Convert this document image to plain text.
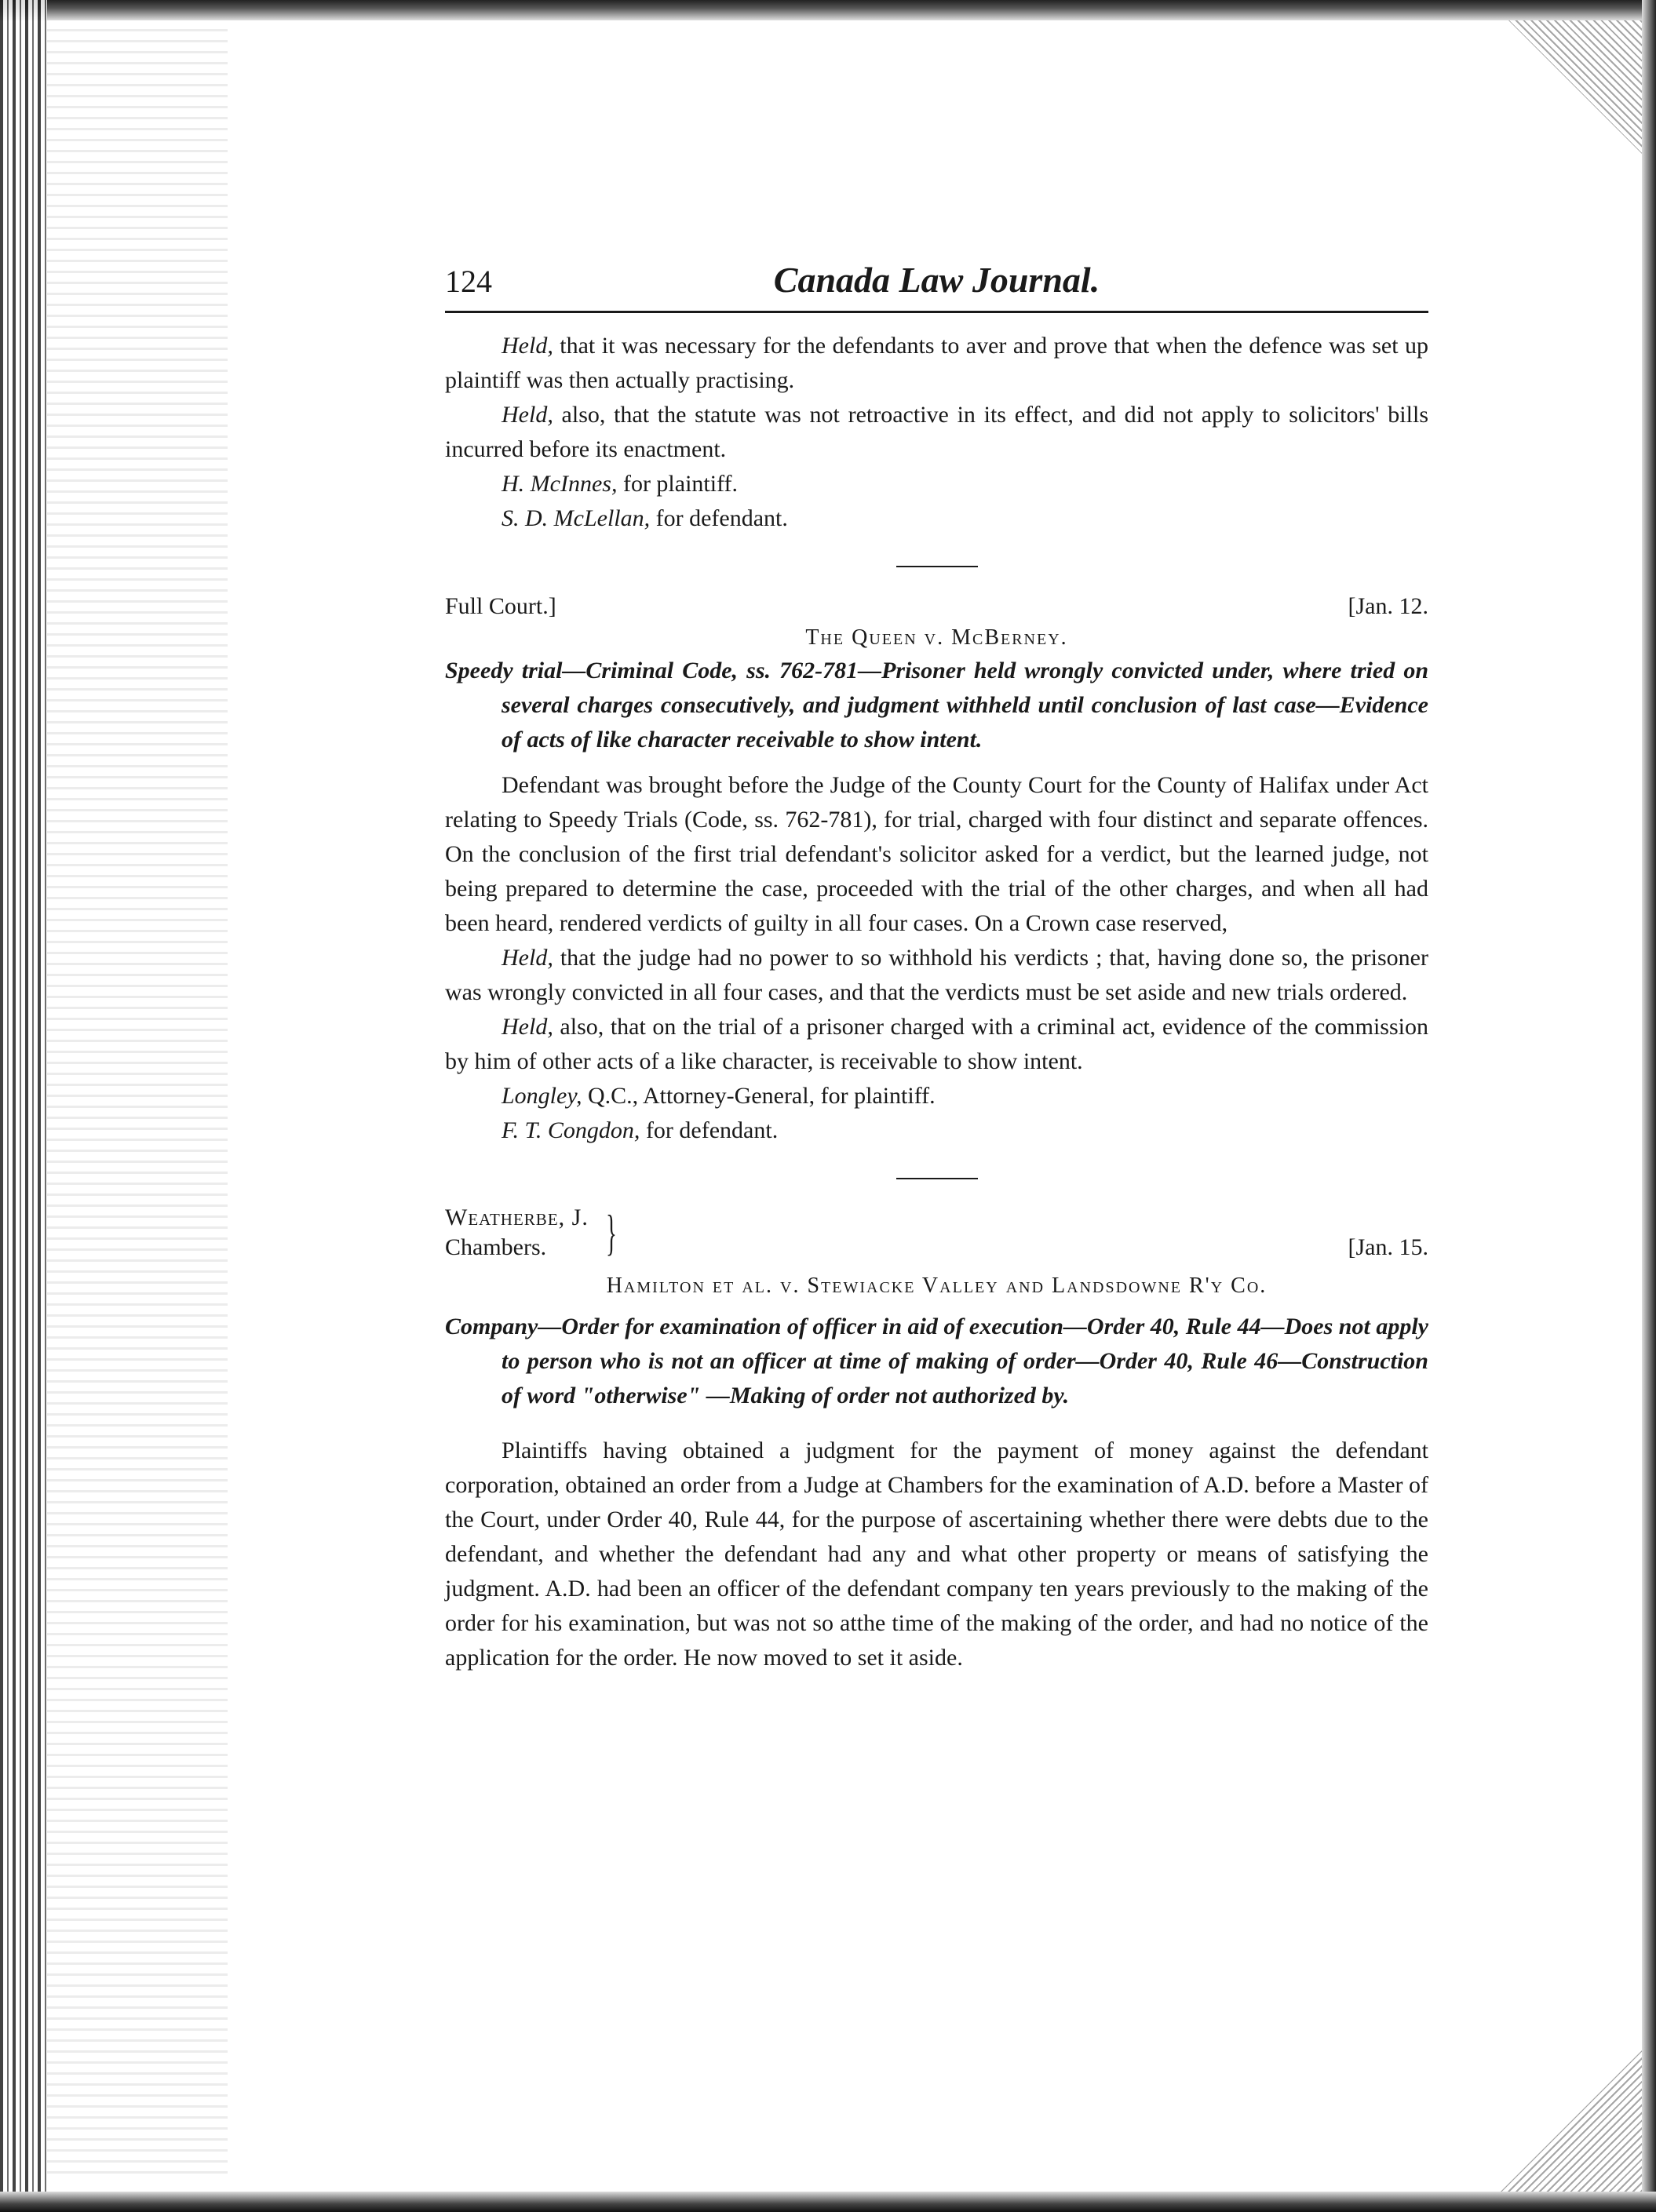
124	Canada Law Journal.

Held, that it was necessary for the defendants to aver and prove that when the defence was set up plaintiff was then actually practising.

Held, also, that the statute was not retroactive in its effect, and did not apply to solicitors' bills incurred before its enactment.

H. McInnes, for plaintiff.

S. D. McLellan, for defendant.

Full Court.]	[Jan. 12.
The Queen v. McBerney.
Speedy trial—Criminal Code, ss. 762-781—Prisoner held wrongly convicted under, where tried on several charges consecutively, and judgment withheld until conclusion of last case—Evidence of acts of like character receivable to show intent.

Defendant was brought before the Judge of the County Court for the County of Halifax under Act relating to Speedy Trials (Code, ss. 762-781), for trial, charged with four distinct and separate offences. On the conclusion of the first trial defendant's solicitor asked for a verdict, but the learned judge, not being prepared to determine the case, proceeded with the trial of the other charges, and when all had been heard, rendered verdicts of guilty in all four cases. On a Crown case reserved,

Held, that the judge had no power to so withhold his verdicts ; that, having done so, the prisoner was wrongly convicted in all four cases, and that the verdicts must be set aside and new trials ordered.

Held, also, that on the trial of a prisoner charged with a criminal act, evidence of the commission by him of other acts of a like character, is receivable to show intent.

Longley, Q.C., Attorney-General, for plaintiff.

F. T. Congdon, for defendant.

Weatherbe, J.
Chambers.	}	[Jan. 15.
Hamilton et al. v. Stewiacke Valley and Landsdowne R'y Co.
Company—Order for examination of officer in aid of execution—Order 40, Rule 44—Does not apply to person who is not an officer at time of making of order—Order 40, Rule 46—Construction of word "otherwise" —Making of order not authorized by.

Plaintiffs having obtained a judgment for the payment of money against the defendant corporation, obtained an order from a Judge at Chambers for the examination of A.D. before a Master of the Court, under Order 40, Rule 44, for the purpose of ascertaining whether there were debts due to the defendant, and whether the defendant had any and what other property or means of satisfying the judgment. A.D. had been an officer of the defendant company ten years previously to the making of the order for his examination, but was not so atthe time of the making of the order, and had no notice of the application for the order. He now moved to set it aside.
